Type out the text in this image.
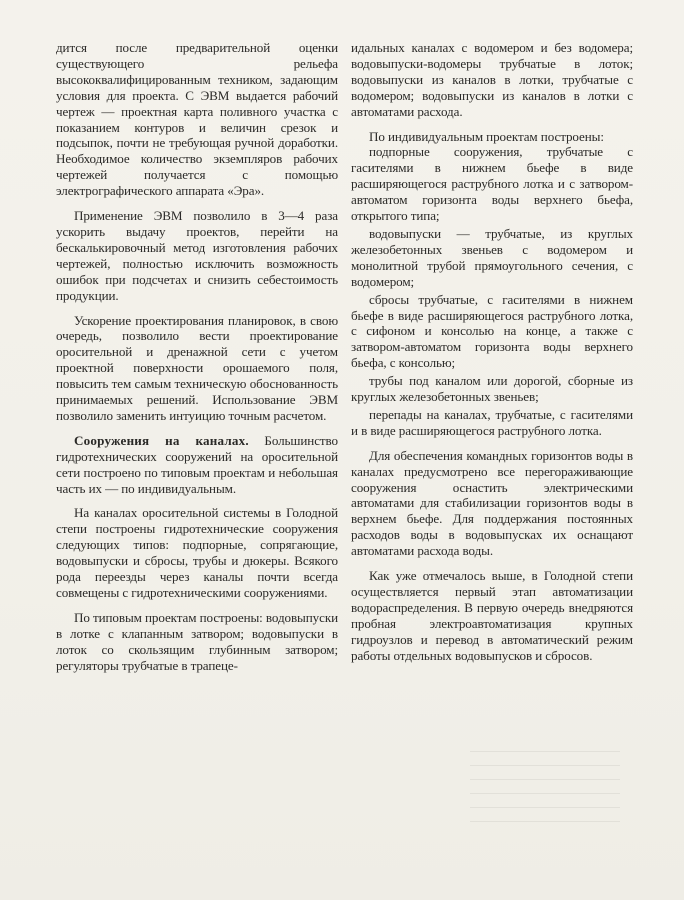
дится после предварительной оценки существующего рельефа высококвалифицированным техником, задающим условия для проекта. С ЭВМ выдается рабочий чертеж — проектная карта поливного участка с показанием контуров и величин срезок и подсыпок, почти не требующая ручной доработки. Необходимое количество экземпляров рабочих чертежей получается с помощью электрографического аппарата «Эра».

Применение ЭВМ позволило в 3—4 раза ускорить выдачу проектов, перейти на бескалькировочный метод изготовления рабочих чертежей, полностью исключить возможность ошибок при подсчетах и снизить себестоимость продукции.

Ускорение проектирования планировок, в свою очередь, позволило вести проектирование оросительной и дренажной сети с учетом проектной поверхности орошаемого поля, повысить тем самым техническую обоснованность принимаемых решений. Использование ЭВМ позволило заменить интуицию точным расчетом.

Сооружения на каналах. Большинство гидротехнических сооружений на оросительной сети построено по типовым проектам и небольшая часть их — по индивидуальным.

На каналах оросительной системы в Голодной степи построены гидротехнические сооружения следующих типов: подпорные, сопрягающие, водовыпуски и сбросы, трубы и дюкеры. Всякого рода переезды через каналы почти всегда совмещены с гидротехническими сооружениями.

По типовым проектам построены: водовыпуски в лотке с клапанным затвором; водовыпуски в лоток со скользящим глубинным затвором; регуляторы трубчатые в трапеце-

идальных каналах с водомером и без водомера; водовыпуски-водомеры трубчатые в лоток; водовыпуски из каналов в лотки, трубчатые с водомером; водовыпуски из каналов в лотки с автоматами расхода.

По индивидуальным проектам построены:

подпорные сооружения, трубчатые с гасителями в нижнем бьефе в виде расширяющегося раструбного лотка и с затвором-автоматом горизонта воды верхнего бьефа, открытого типа;

водовыпуски — трубчатые, из круглых железобетонных звеньев с водомером и монолитной трубой прямоугольного сечения, с водомером;

сбросы трубчатые, с гасителями в нижнем бьефе в виде расширяющегося раструбного лотка, с сифоном и консолью на конце, а также с затвором-автоматом горизонта воды верхнего бьефа, с консолью;

трубы под каналом или дорогой, сборные из круглых железобетонных звеньев;

перепады на каналах, трубчатые, с гасителями и в виде расширяющегося раструбного лотка.

Для обеспечения командных горизонтов воды в каналах предусмотрено все перегораживающие сооружения оснастить электрическими автоматами для стабилизации горизонтов воды в верхнем бьефе. Для поддержания постоянных расходов воды в водовыпусках их оснащают автоматами расхода воды.

Как уже отмечалось выше, в Голодной степи осуществляется первый этап автоматизации водораспределения. В первую очередь внедряются пробная электроавтоматизация крупных гидроузлов и перевод в автоматический режим работы отдельных водовыпусков и сбросов.
